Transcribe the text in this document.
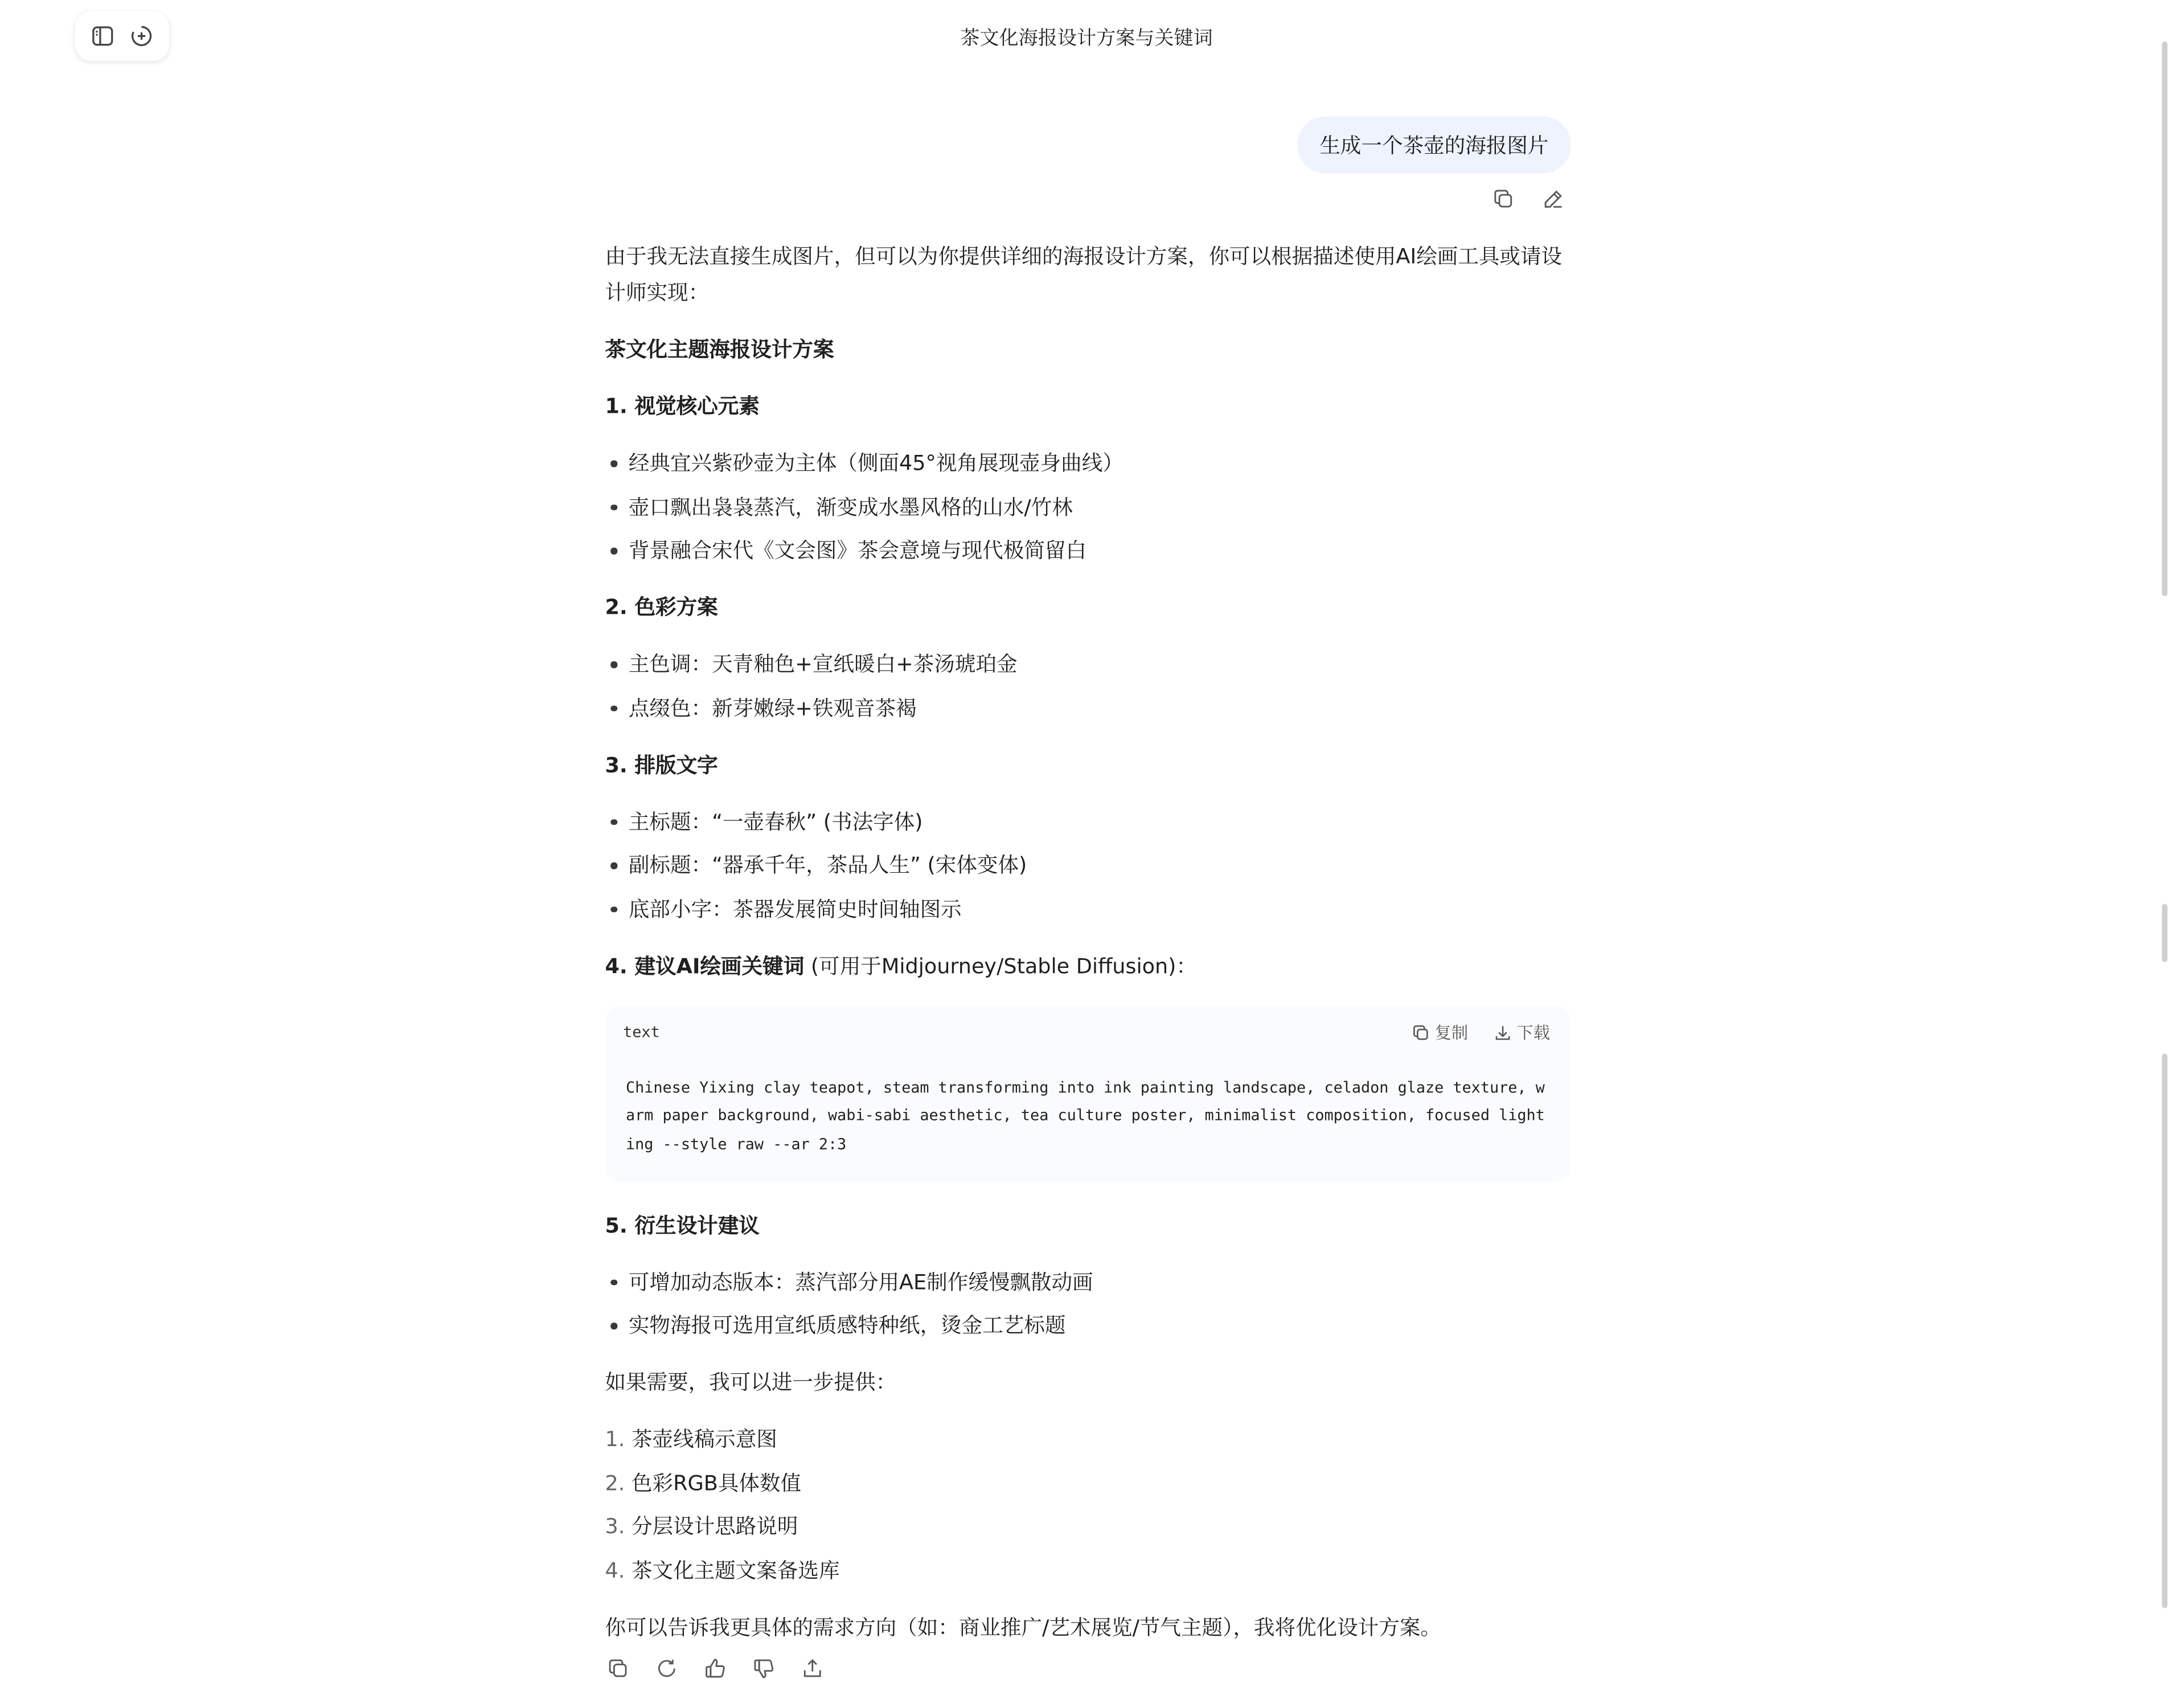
茶文化海报设计方案与关键词
生成一个茶壶的海报图片

由于我无法直接生成图片，但可以为你提供详细的海报设计方案，你可以根据描述使用AI绘画工具或请设计师实现：

茶文化主题海报设计方案
1. 视觉核心元素
经典宜兴紫砂壶为主体（侧面45°视角展现壶身曲线）
壶口飘出袅袅蒸汽，渐变成水墨风格的山水/竹林
背景融合宋代《文会图》茶会意境与现代极简留白
2. 色彩方案
主色调：天青釉色+宣纸暖白+茶汤琥珀金
点缀色：新芽嫩绿+铁观音茶褐
3. 排版文字
主标题：“一壶春秋” (书法字体)
副标题：“器承千年，茶品人生” (宋体变体)
底部小字：茶器发展简史时间轴图示
4. 建议AI绘画关键词 (可用于Midjourney/Stable Diffusion)：
text	复制	下载
Chinese Yixing clay teapot, steam transforming into ink painting landscape, celadon glaze texture, warm paper background, wabi-sabi aesthetic, tea culture poster, minimalist composition, focused lighting --style raw --ar 2:3
5. 衍生设计建议
可增加动态版本：蒸汽部分用AE制作缓慢飘散动画
实物海报可选用宣纸质感特种纸，烫金工艺标题

如果需要，我可以进一步提供：

1. 茶壶线稿示意图
2. 色彩RGB具体数值
3. 分层设计思路说明
4. 茶文化主题文案备选库

你可以告诉我更具体的需求方向（如：商业推广/艺术展览/节气主题），我将优化设计方案。
